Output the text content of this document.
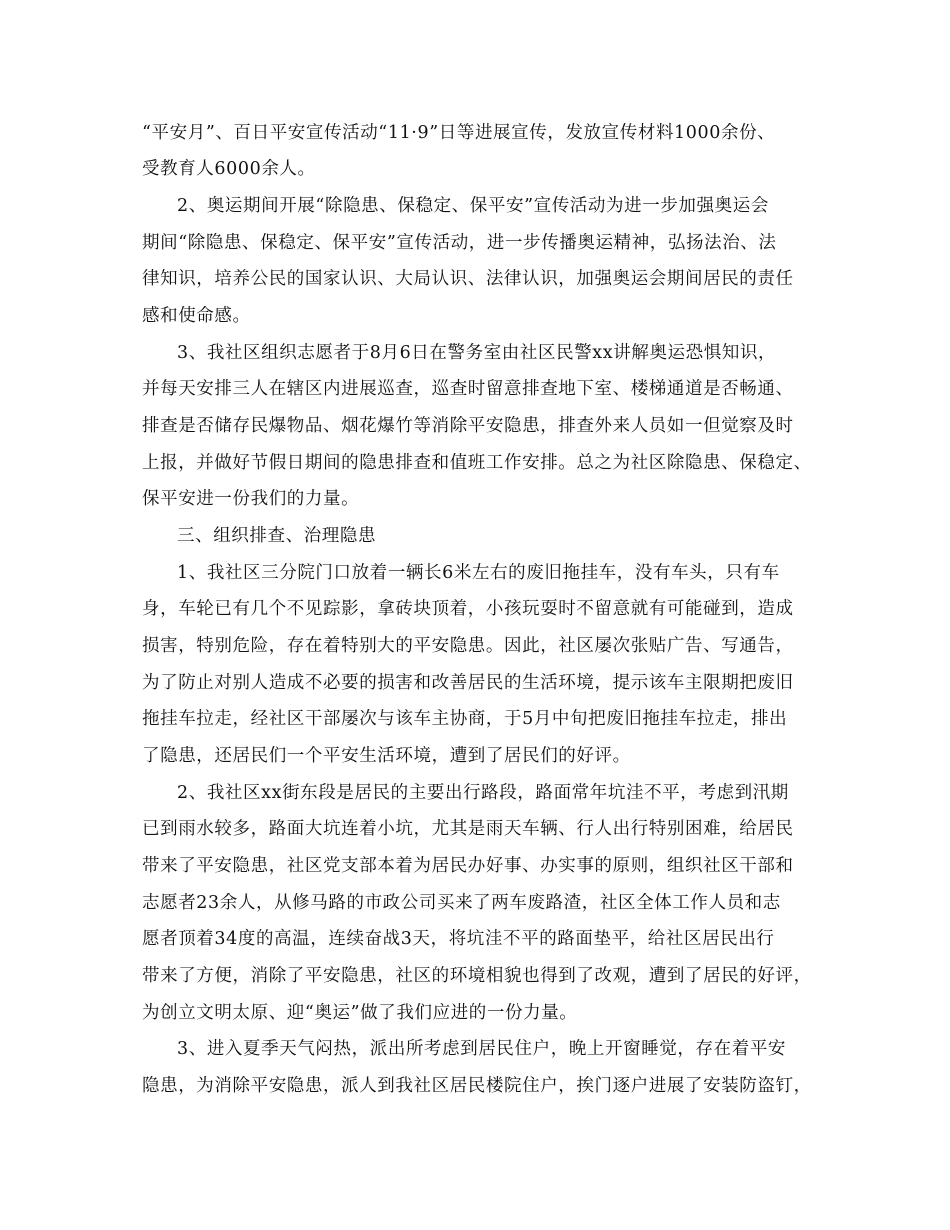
“平安月”、百日平安宣传活动“11·9”日等进展宣传，发放宣传材料1000余份、
受教育人6000余人。
2、奥运期间开展“除隐患、保稳定、保平安”宣传活动为进一步加强奥运会
期间“除隐患、保稳定、保平安”宣传活动，进一步传播奥运精神，弘扬法治、法
律知识，培养公民的国家认识、大局认识、法律认识，加强奥运会期间居民的责任
感和使命感。
3、我社区组织志愿者于8月6日在警务室由社区民警xx讲解奥运恐惧知识，
并每天安排三人在辖区内进展巡查，巡查时留意排查地下室、楼梯通道是否畅通、
排查是否储存民爆物品、烟花爆竹等消除平安隐患，排查外来人员如一但觉察及时
上报，并做好节假日期间的隐患排查和值班工作安排。总之为社区除隐患、保稳定、
保平安进一份我们的力量。
三、组织排查、治理隐患
1、我社区三分院门口放着一辆长6米左右的废旧拖挂车，没有车头，只有车
身，车轮已有几个不见踪影，拿砖块顶着，小孩玩耍时不留意就有可能碰到，造成
损害，特别危险，存在着特别大的平安隐患。因此，社区屡次张贴广告、写通告，
为了防止对别人造成不必要的损害和改善居民的生活环境，提示该车主限期把废旧
拖挂车拉走，经社区干部屡次与该车主协商，于5月中旬把废旧拖挂车拉走，排出
了隐患，还居民们一个平安生活环境，遭到了居民们的好评。
2、我社区xx街东段是居民的主要出行路段，路面常年坑洼不平，考虑到汛期
已到雨水较多，路面大坑连着小坑，尤其是雨天车辆、行人出行特别困难，给居民
带来了平安隐患，社区党支部本着为居民办好事、办实事的原则，组织社区干部和
志愿者23余人，从修马路的市政公司买来了两车废路渣，社区全体工作人员和志
愿者顶着34度的高温，连续奋战3天，将坑洼不平的路面垫平，给社区居民出行
带来了方便，消除了平安隐患，社区的环境相貌也得到了改观，遭到了居民的好评，
为创立文明太原、迎“奥运”做了我们应进的一份力量。
3、进入夏季天气闷热，派出所考虑到居民住户，晚上开窗睡觉，存在着平安
隐患，为消除平安隐患，派人到我社区居民楼院住户，挨门逐户进展了安装防盗钉，
